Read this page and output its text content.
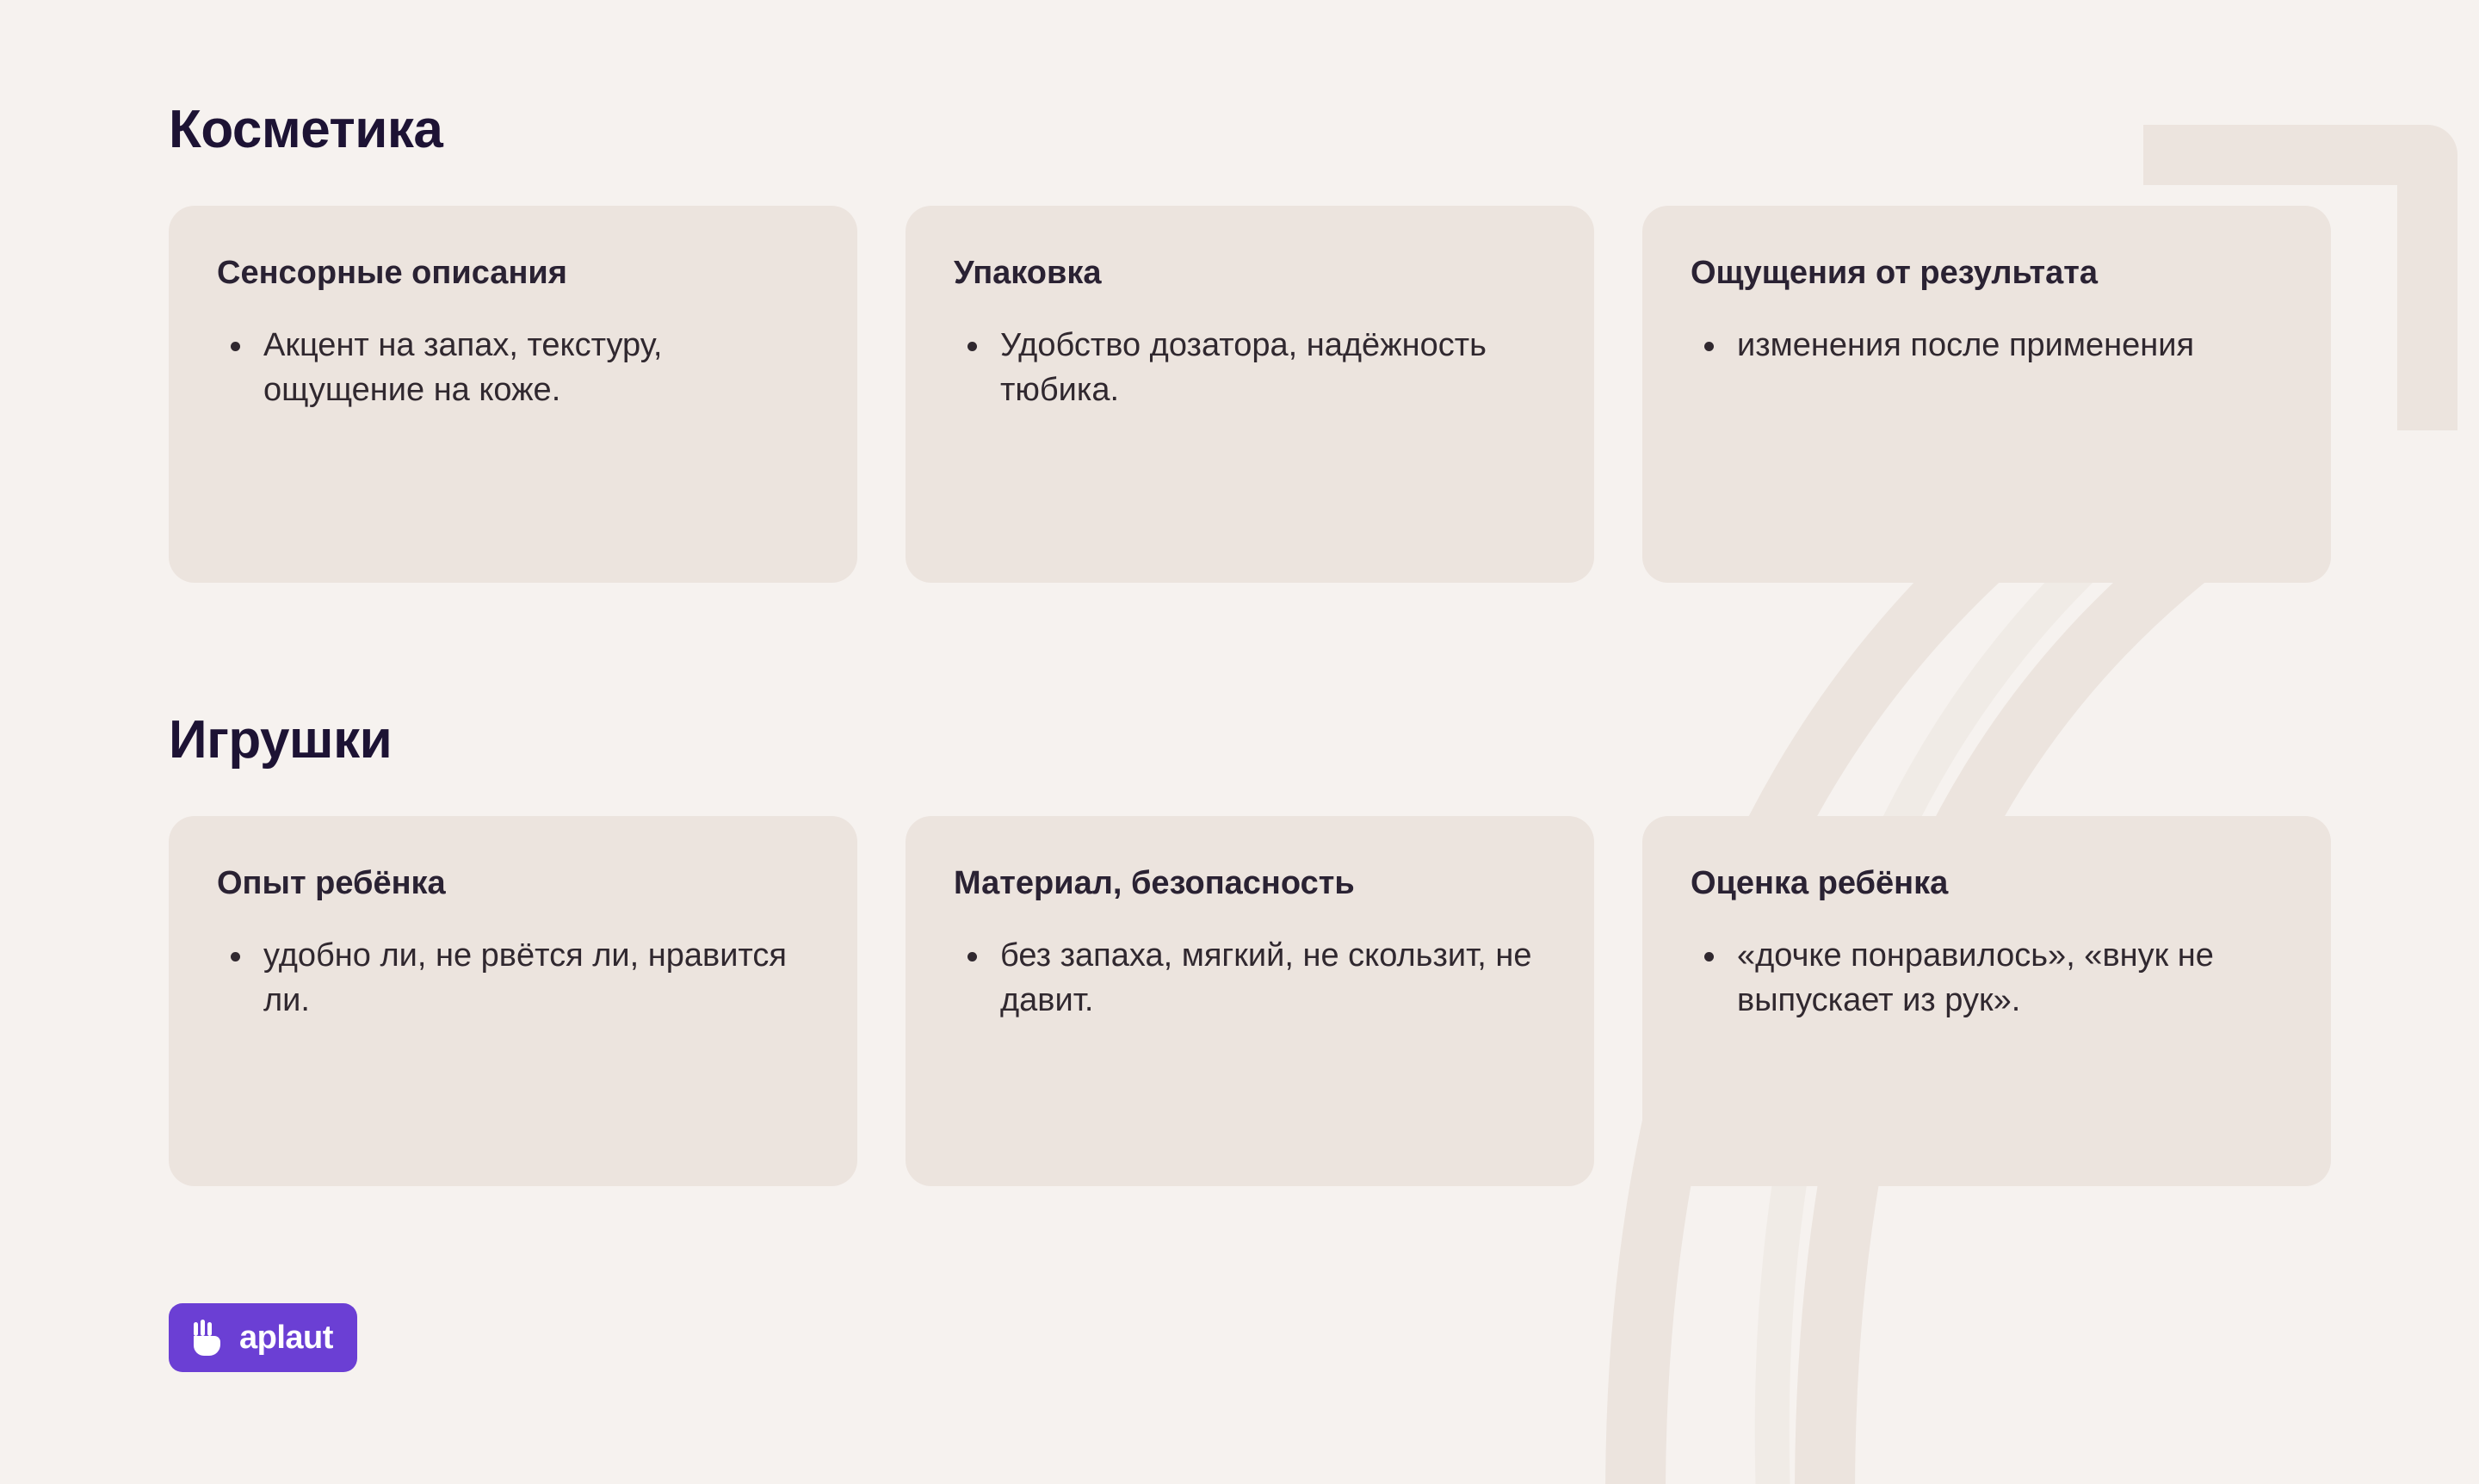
Косметика
Сенсорные описания
Акцент на запах, текстуру, ощущение на коже.
Упаковка
Удобство дозатора, надёжность тюбика.
Ощущения от результата
изменения после применения
Игрушки
Опыт ребёнка
удобно ли, не рвётся ли, нравится ли.
Материал, безопасность
без запаха, мягкий, не скользит, не давит.
Оценка ребёнка
«дочке понравилось», «внук не выпускает из рук».
aplaut
